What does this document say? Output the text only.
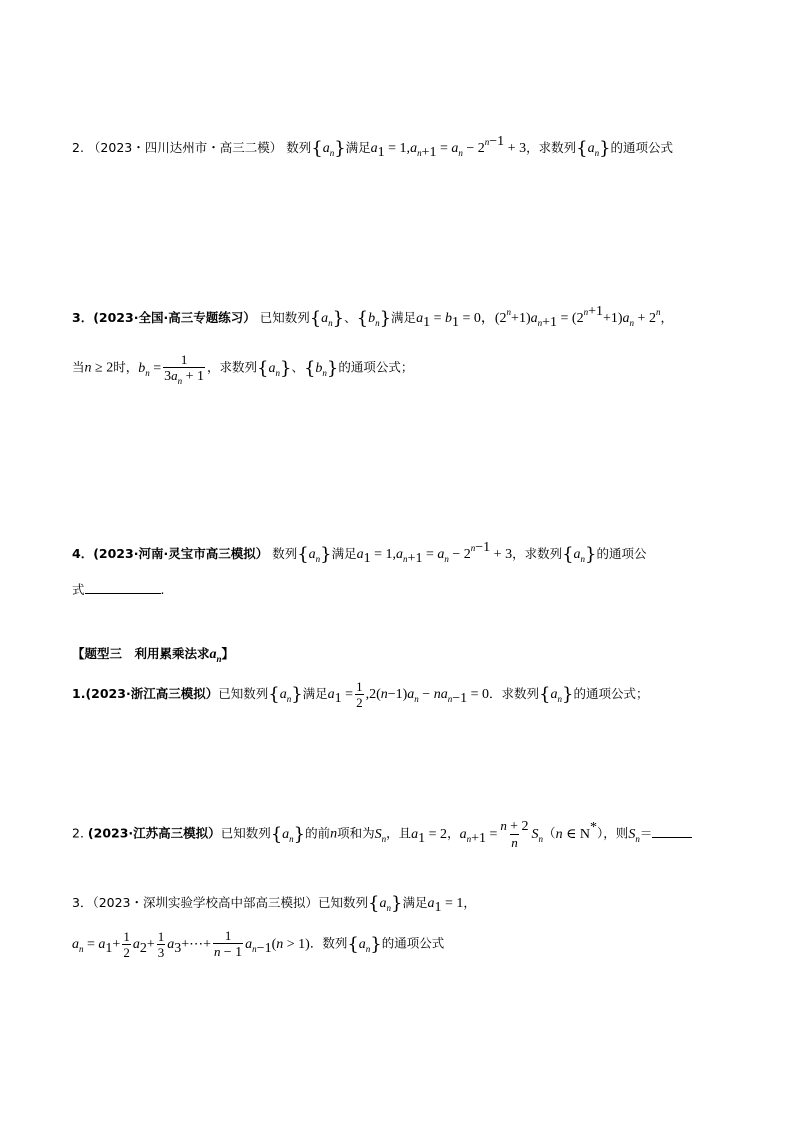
2. （2023・四川达州市・高三二模） 数列$\{a_n\}$满足$a_1 = 1,a_{n+1} = a_n - 2^{n-1} + 3$，求数列$\{a_n\}$的通项公式
3．(2023·全国·高三专题练习） 已知数列$\{a_n\}$、$\{b_n\}$满足$a_1 = b_1 = 0$，$(2^n+1)a_{n+1} = (2^{n+1}+1)a_n + 2^n$，
当n ≥ 2时，$b_n = \frac{1}{3a_n + 1}$ ，求数列$\{a_n\}$、$\{b_n\}$的通项公式；
4．(2023·河南·灵宝市高三模拟） 数列$\{a_n\}$满足$a_1 = 1,a_{n+1} = a_n - 2^{n-1} + 3$，求数列$\{a_n\}$的通项公
式	.
【题型三　利用累乘法求$a_n$】
1.(2023·浙江高三模拟）已知数列$\{a_n\}$满足$a_1 = \frac{1}{2} ,2(n-1)a_n - na_{n-1} = 0$．求数列$\{a_n\}$的通项公式；
2. (2023·江苏高三模拟）已知数列$\{a_n\}$的前n项和为$S_n$，且$a_1 = 2$，$a_{n+1} = \frac{n + 2}{n} S_n(n$ ∈ N*），则$S_n=$
3．（2023・深圳实验学校高中部高三模拟）已知数列$\{a_n\}$满足$a_1 = 1$，
$a_n = a_1+ \frac{1}{2} a_2+ \frac{1}{3}$ $a_3+\cdots+ \frac{1}{n - 1} a_{n-1}(n > 1)$．数列$\{a_n\}$的通项公式
